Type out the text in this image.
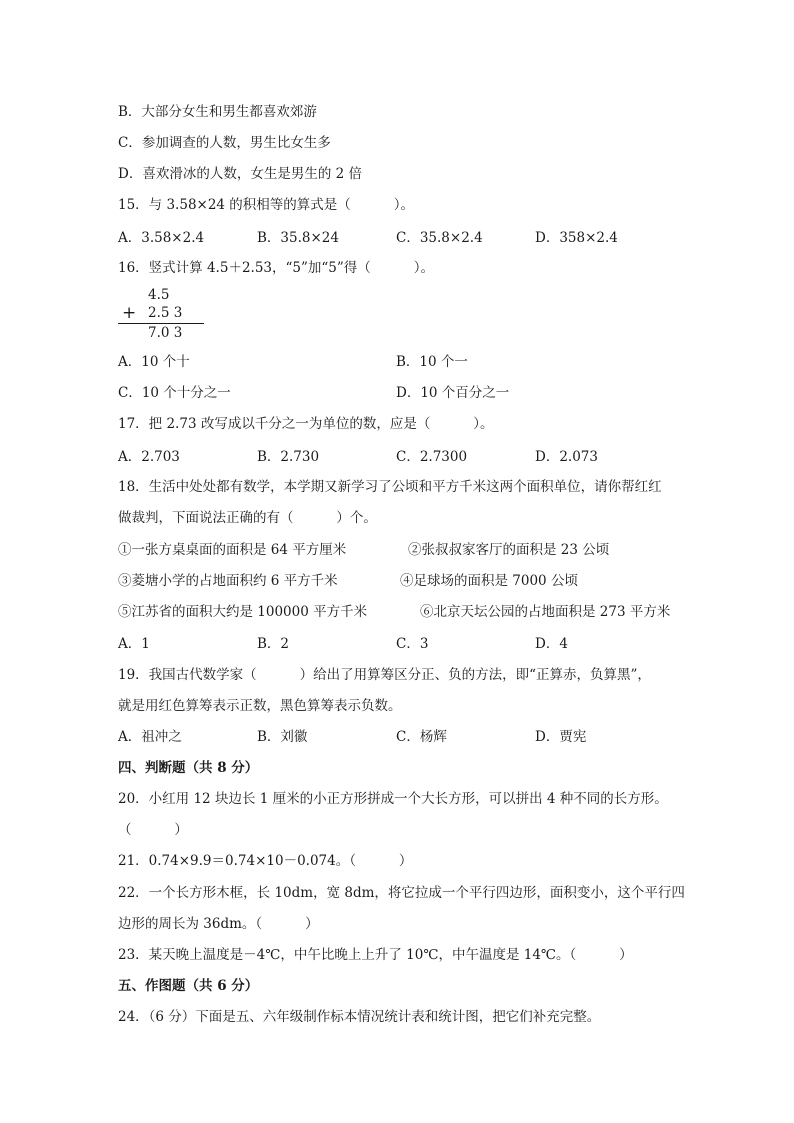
B．大部分女生和男生都喜欢郊游
C．参加调查的人数，男生比女生多
D．喜欢滑冰的人数，女生是男生的 2 倍
15．与 3.58×24 的积相等的算式是（          ）。
A．3.58×2.4	B．35.8×24	C．35.8×2.4	D．358×2.4
16．竖式计算 4.5＋2.53，“5”加“5”得（          ）。
4.5
+ 2.5 3
7.0 3
A．10 个十	B．10 个一
C．10 个十分之一	D．10 个百分之一
17．把 2.73 改写成以千分之一为单位的数，应是（          ）。
A．2.703	B．2.730	C．2.7300	D．2.073
18．生活中处处都有数学，本学期又新学习了公顷和平方千米这两个面积单位，请你帮红红
做裁判，下面说法正确的有（          ）个。
①一张方桌桌面的面积是 64 平方厘米	②张叔叔家客厅的面积是 23 公顷
③菱塘小学的占地面积约 6 平方千米	④足球场的面积是 7000 公顷
⑤江苏省的面积大约是 100000 平方千米	⑥北京天坛公园的占地面积是 273 平方米
A．1	B．2	C．3	D．4
19．我国古代数学家（          ）给出了用算筹区分正、负的方法，即“正算赤，负算黑”，
就是用红色算筹表示正数，黑色算筹表示负数。
A．祖冲之	B．刘徽	C．杨辉	D．贾宪
四、判断题（共 8 分）
20．小红用 12 块边长 1 厘米的小正方形拼成一个大长方形，可以拼出 4 种不同的长方形。
（          ）
21．0.74×9.9＝0.74×10－0.074。（          ）
22．一个长方形木框，长 10dm，宽 8dm，将它拉成一个平行四边形，面积变小，这个平行四
边形的周长为 36dm。（          ）
23．某天晚上温度是－4℃，中午比晚上上升了 10℃，中午温度是 14℃。（          ）
五、作图题（共 6 分）
24．（6 分）下面是五、六年级制作标本情况统计表和统计图，把它们补充完整。
